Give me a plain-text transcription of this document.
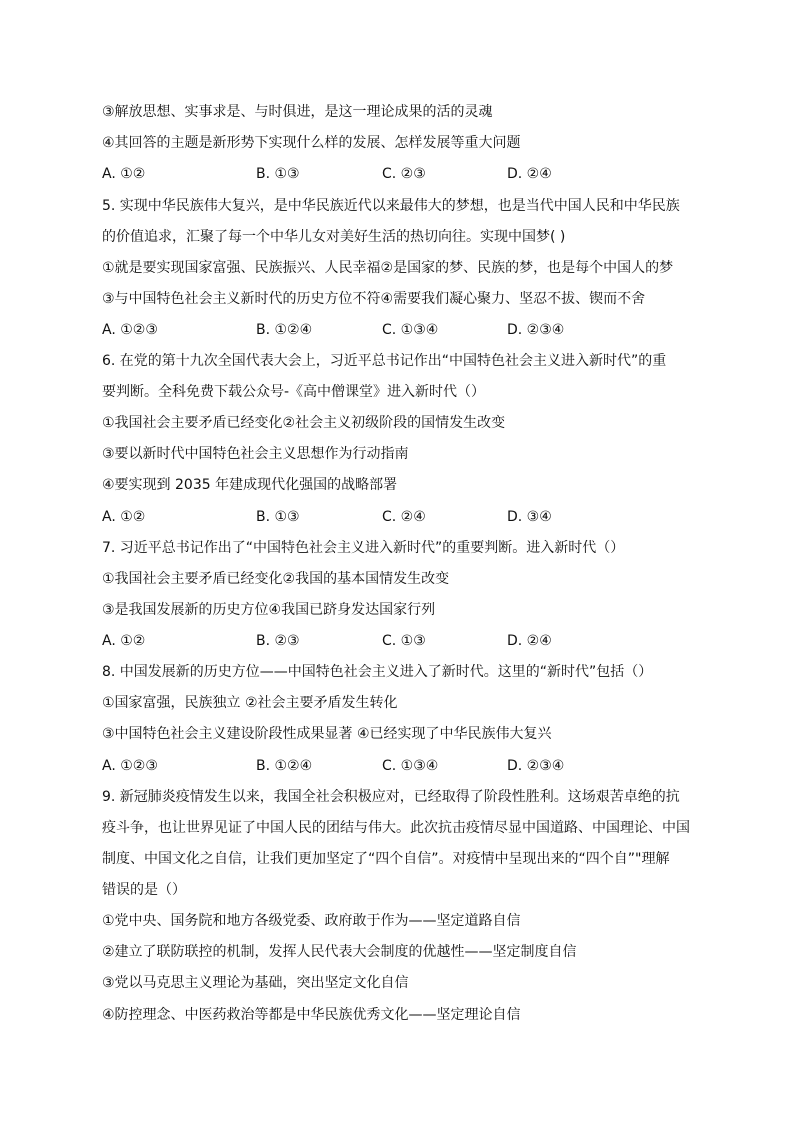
③解放思想、实事求是、与时俱进，是这一理论成果的活的灵魂
④其回答的主题是新形势下实现什么样的发展、怎样发展等重大问题
A. ①②	B. ①③	C. ②③	D. ②④
5. 实现中华民族伟大复兴，是中华民族近代以来最伟大的梦想，也是当代中国人民和中华民族
的价值追求，汇聚了每一个中华儿女对美好生活的热切向往。实现中国梦( )
①就是要实现国家富强、民族振兴、人民幸福②是国家的梦、民族的梦，也是每个中国人的梦
③与中国特色社会主义新时代的历史方位不符④需要我们凝心聚力、坚忍不拔、锲而不舍
A. ①②③	B. ①②④	C. ①③④	D. ②③④
6. 在党的第十九次全国代表大会上，习近平总书记作出“中国特色社会主义进入新时代”的重
要判断。全科免费下载公众号-《高中僧课堂》进入新时代（）
①我国社会主要矛盾已经变化②社会主义初级阶段的国情发生改变
③要以新时代中国特色社会主义思想作为行动指南
④要实现到 2035 年建成现代化强国的战略部署
A. ①②	B. ①③	C. ②④	D. ③④
7. 习近平总书记作出了“中国特色社会主义进入新时代”的重要判断。进入新时代（）
①我国社会主要矛盾已经变化②我国的基本国情发生改变
③是我国发展新的历史方位④我国已跻身发达国家行列
A. ①②	B. ②③	C. ①③	D. ②④
8. 中国发展新的历史方位——中国特色社会主义进入了新时代。这里的“新时代”包括（）
①国家富强，民族独立 ②社会主要矛盾发生转化
③中国特色社会主义建设阶段性成果显著 ④已经实现了中华民族伟大复兴
A. ①②③	B. ①②④	C. ①③④	D. ②③④
9. 新冠肺炎疫情发生以来，我国全社会积极应对，已经取得了阶段性胜利。这场艰苦卓绝的抗
疫斗争，也让世界见证了中国人民的团结与伟大。此次抗击疫情尽显中国道路、中国理论、中国
制度、中国文化之自信，让我们更加坚定了“四个自信”。对疫情中呈现出来的“四个自”"理解
错误的是（）
①党中央、国务院和地方各级党委、政府敢于作为——坚定道路自信
②建立了联防联控的机制，发挥人民代表大会制度的优越性——坚定制度自信
③党以马克思主义理论为基础，突出坚定文化自信
④防控理念、中医药救治等都是中华民族优秀文化——坚定理论自信
